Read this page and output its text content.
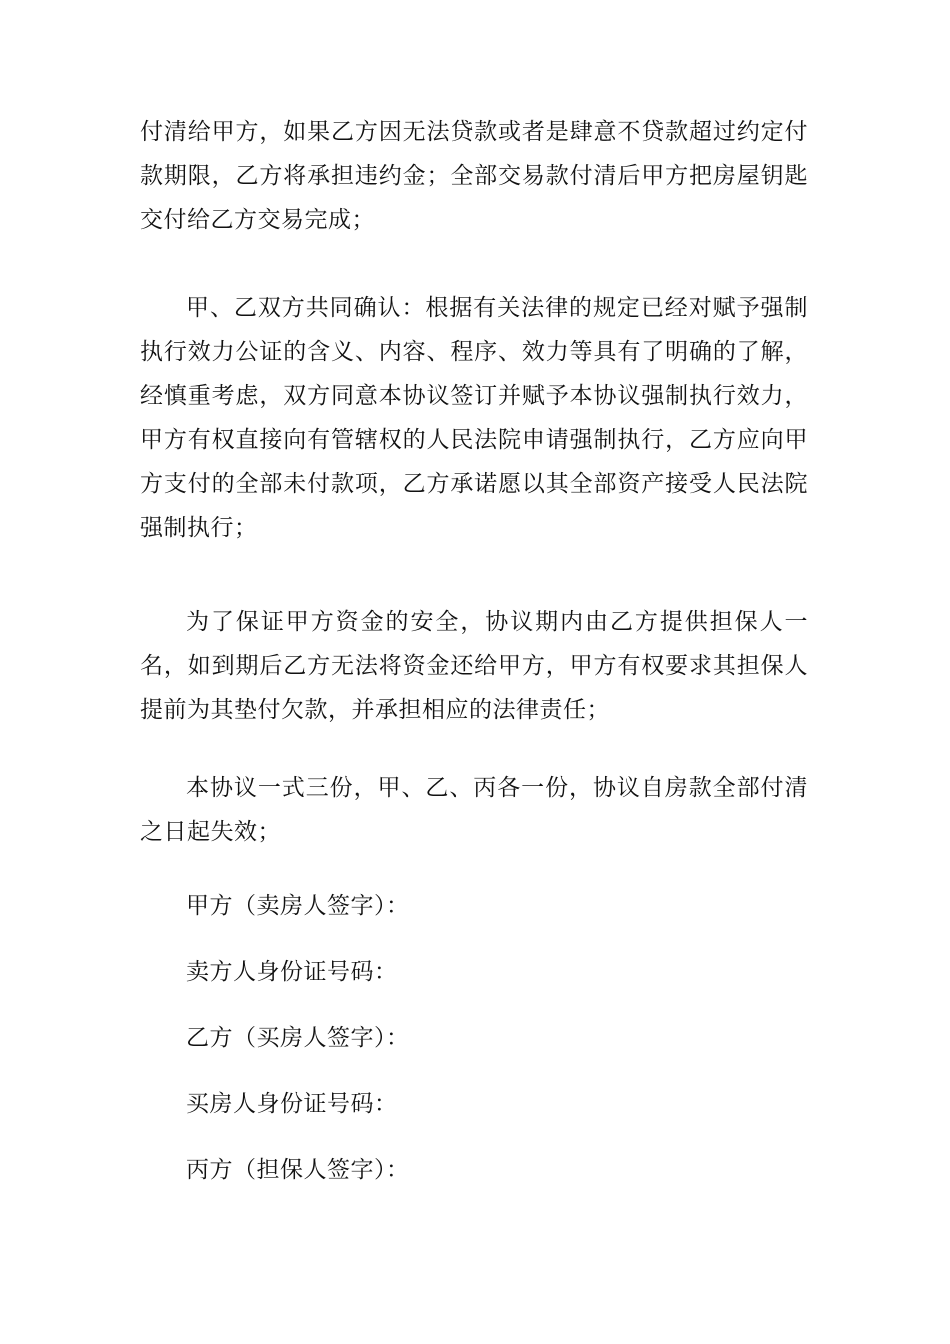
付清给甲方，如果乙方因无法贷款或者是肆意不贷款超过约定付款期限，乙方将承担违约金；全部交易款付清后甲方把房屋钥匙交付给乙方交易完成；

甲、乙双方共同确认：根据有关法律的规定已经对赋予强制执行效力公证的含义、内容、程序、效力等具有了明确的了解，经慎重考虑，双方同意本协议签订并赋予本协议强制执行效力，甲方有权直接向有管辖权的人民法院申请强制执行，乙方应向甲方支付的全部未付款项，乙方承诺愿以其全部资产接受人民法院强制执行；

为了保证甲方资金的安全，协议期内由乙方提供担保人一名，如到期后乙方无法将资金还给甲方，甲方有权要求其担保人提前为其垫付欠款，并承担相应的法律责任；

本协议一式三份，甲、乙、丙各一份，协议自房款全部付清之日起失效；

甲方（卖房人签字）：
卖方人身份证号码：
乙方（买房人签字）：
买房人身份证号码：
丙方（担保人签字）：
